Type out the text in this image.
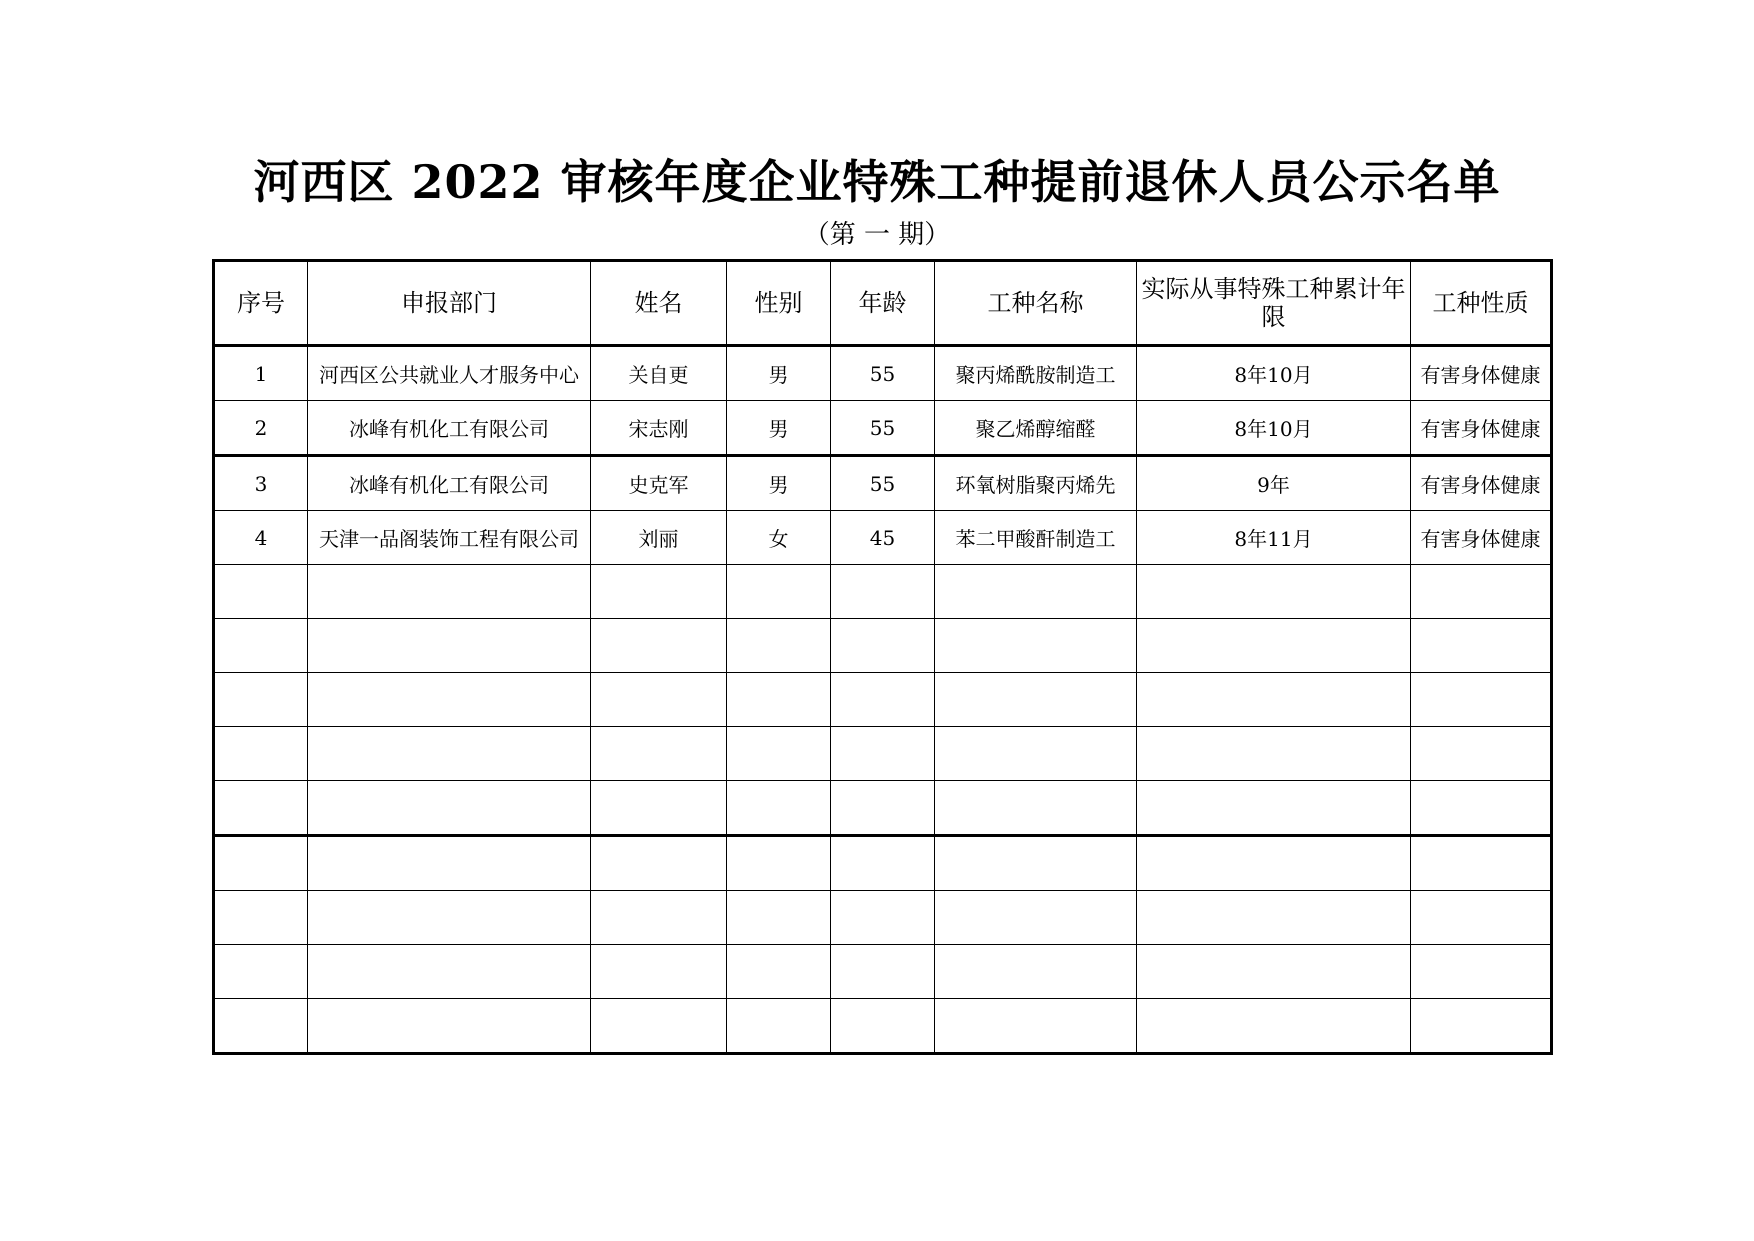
河西区 2022 审核年度企业特殊工种提前退休人员公示名单
（第 一 期）
序号	申报部门	姓名	性别	年龄	工种名称	实际从事特殊工种累计年限	工种性质
1	河西区公共就业人才服务中心	关自更	男	55	聚丙烯酰胺制造工	8年10月	有害身体健康
2	冰峰有机化工有限公司	宋志刚	男	55	聚乙烯醇缩醛	8年10月	有害身体健康
3	冰峰有机化工有限公司	史克军	男	55	环氧树脂聚丙烯先	9年	有害身体健康
4	天津一品阁装饰工程有限公司	刘丽	女	45	苯二甲酸酐制造工	8年11月	有害身体健康
